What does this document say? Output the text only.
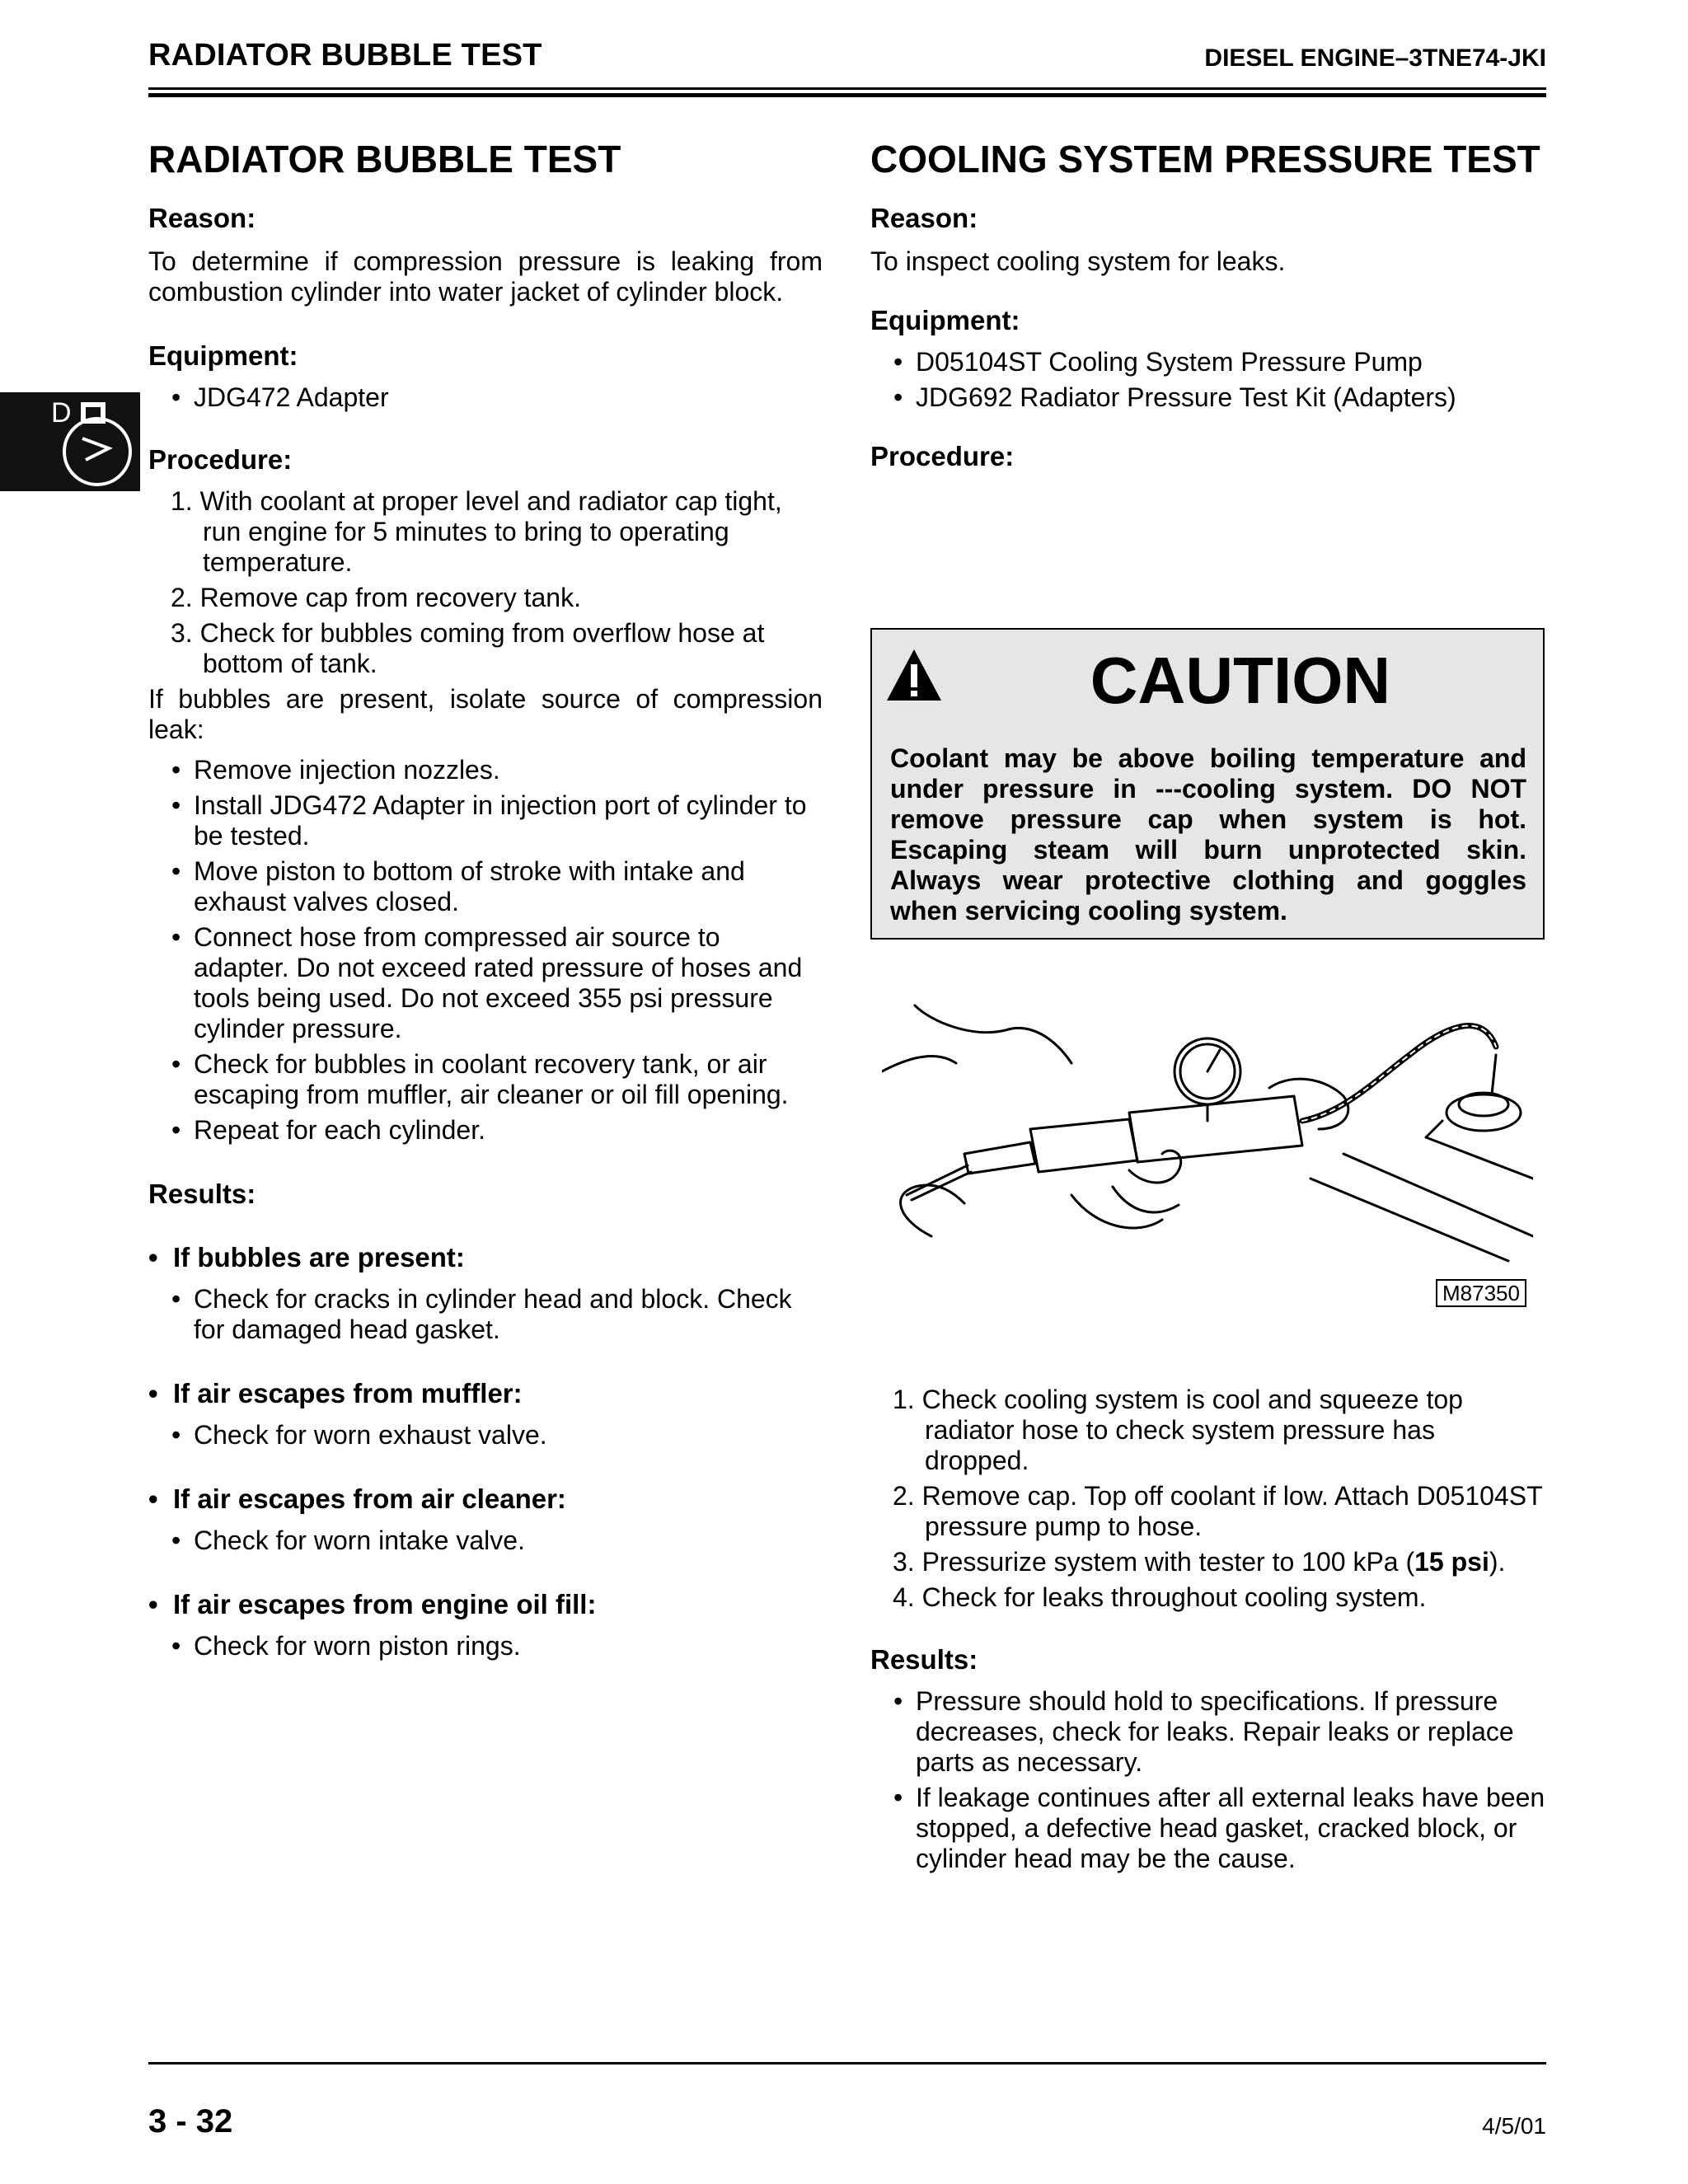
RADIATOR BUBBLE TEST	DIESEL ENGINE–3TNE74-JKI
D
RADIATOR BUBBLE TEST

Reason:

To determine if compression pressure is leaking from combustion cylinder into water jacket of cylinder block.

Equipment:

• JDG472 Adapter

Procedure:

1. With coolant at proper level and radiator cap tight, run engine for 5 minutes to bring to operating temperature.
2. Remove cap from recovery tank.
3. Check for bubbles coming from overflow hose at bottom of tank.

If bubbles are present, isolate source of compression leak:

• Remove injection nozzles.
• Install JDG472 Adapter in injection port of cylinder to be tested.
• Move piston to bottom of stroke with intake and exhaust valves closed.
• Connect hose from compressed air source to adapter. Do not exceed rated pressure of hoses and tools being used. Do not exceed 355 psi pressure cylinder pressure.
• Check for bubbles in coolant recovery tank, or air escaping from muffler, air cleaner or oil fill opening.
• Repeat for each cylinder.

Results:

• If bubbles are present:

• Check for cracks in cylinder head and block. Check for damaged head gasket.

• If air escapes from muffler:

• Check for worn exhaust valve.

• If air escapes from air cleaner:

• Check for worn intake valve.

• If air escapes from engine oil fill:

• Check for worn piston rings.
COOLING SYSTEM PRESSURE TEST

Reason:

To inspect cooling system for leaks.

Equipment:

• D05104ST Cooling System Pressure Pump
• JDG692 Radiator Pressure Test Kit (Adapters)

Procedure:

CAUTION
Coolant may be above boiling temperature and under pressure in ---cooling system. DO NOT remove pressure cap when system is hot. Escaping steam will burn unprotected skin. Always wear protective clothing and goggles when servicing cooling system.
M87350
1. Check cooling system is cool and squeeze top radiator hose to check system pressure has dropped.
2. Remove cap. Top off coolant if low. Attach D05104ST pressure pump to hose.
3. Pressurize system with tester to 100 kPa (15 psi).
4. Check for leaks throughout cooling system.

Results:

• Pressure should hold to specifications. If pressure decreases, check for leaks. Repair leaks or replace parts as necessary.
• If leakage continues after all external leaks have been stopped, a defective head gasket, cracked block, or cylinder head may be the cause.
3 - 32	4/5/01
